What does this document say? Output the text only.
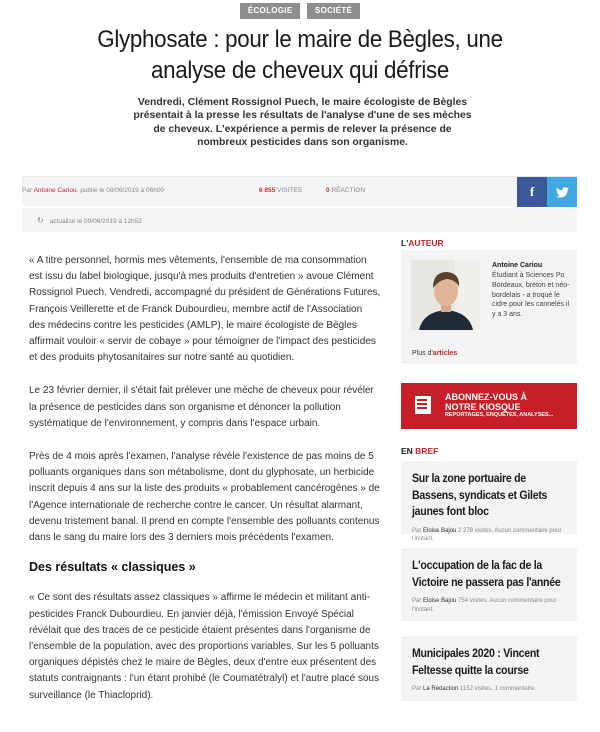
ÉCOLOGIE	SOCIÉTÉ
Glyphosate : pour le maire de Bègles, une analyse de cheveux qui défrise

Vendredi, Clément Rossignol Puech, le maire écologiste de Bègles présentait à la presse les résultats de l'analyse d'une de ses mèches de cheveux. L'expérience a permis de relever la présence de nombreux pesticides dans son organisme.

Par Antoine Cariou, publié le 08/06/2019 à 06h00	6 855 VISITES	0 RÉACTION	f
↻ actualisé le 09/06/2019 à 12h52

« A titre personnel, hormis mes vêtements, l'ensemble de ma consommation est issu du label biologique, jusqu'à mes produits d'entretien » avoue Clément Rossignol Puech. Vendredi, accompagné du président de Générations Futures, François Veillerette et de Franck Dubourdieu, membre actif de l'Association des médecins contre les pesticides (AMLP), le maire écologiste de Bègles affirmait vouloir « servir de cobaye » pour témoigner de l'impact des pesticides et des produits phytosanitaires sur notre santé au quotidien.

Le 23 février dernier, il s'était fait prélever une mèche de cheveux pour révéler la présence de pesticides dans son organisme et dénoncer la pollution systématique de l'environnement, y compris dans l'espace urbain.

Près de 4 mois après l'examen, l'analyse révèle l'existence de pas moins de 5 polluants organiques dans son métabolisme, dont du glyphosate, un herbicide inscrit depuis 4 ans sur la liste des produits « probablement cancérogènes » de l'Agence internationale de recherche contre le cancer. Un résultat alarmant, devenu tristement banal. Il prend en compte l'ensemble des polluants contenus dans le sang du maire lors des 3 derniers mois précédents l'examen.

Des résultats « classiques »

« Ce sont des résultats assez classiques » affirme le médecin et militant anti-pesticides Franck Dubourdieu. En janvier déjà, l'émission Envoyé Spécial révélait que des traces de ce pesticide étaient présentes dans l'organisme de l'ensemble de la population, avec des proportions variables. Sur les 5 polluants organiques dépistés chez le maire de Bègles, deux d'entre eux présentent des statuts contraignants : l'un étant prohibé (le Coumatétralyl) et l'autre placé sous surveillance (le Thiacloprid).

L'AUTEUR
Antoine Cariou
Étudiant à Sciences Po Bordeaux, breton et néo-bordelais - a troqué le cidre pour les cannelés il y a 3 ans.
Plus d'articles
ABONNEZ-VOUS À
NOTRE KIOSQUE
REPORTAGES, ENQUÊTES, ANALYSES...
EN BREF
Sur la zone portuaire de Bassens, syndicats et Gilets jaunes font bloc
Par Eloise Bajou 2 278 visites. Aucun commentaire pour l'instant.
L'occupation de la fac de la Victoire ne passera pas l'année
Par Eloise Bajou 754 visites. Aucun commentaire pour l'instant.
Municipales 2020 : Vincent Feltesse quitte la course
Par La Rédaction 1152 visites. 1 commentaire.
